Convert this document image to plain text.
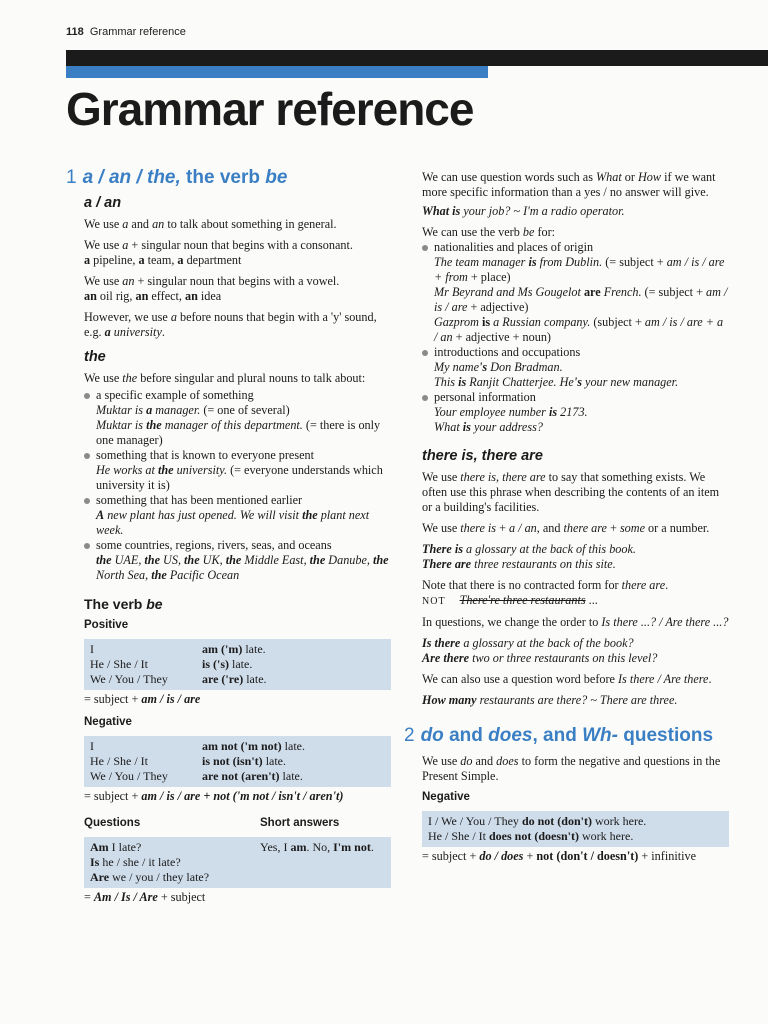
118 Grammar reference
Grammar reference
1 a / an / the, the verb be
a / an

We use a and an to talk about something in general.

We use a + singular noun that begins with a consonant.

a pipeline, a team, a department

We use an + singular noun that begins with a vowel.

an oil rig, an effect, an idea

However, we use a before nouns that begin with a 'y' sound, e.g. a university.

the

We use the before singular and plural nouns to talk about:

a specific example of something
Muktar is a manager. (= one of several)
Muktar is the manager of this department. (= there is only one manager)
something that is known to everyone present
He works at the university. (= everyone understands which university it is)
something that has been mentioned earlier
A new plant has just opened. We will visit the plant next week.
some countries, regions, rivers, seas, and oceans
the UAE, the US, the UK, the Middle East, the Danube, the North Sea, the Pacific Ocean
The verb be
Positive
I	am ('m) late.
He / She / It	is ('s) late.
We / You / They	are ('re) late.
= subject + am / is / are
Negative
I	am not ('m not) late.
He / She / It	is not (isn't) late.
We / You / They	are not (aren't) late.
= subject + am / is / are + not ('m not / isn't / aren't)
Questions	Short answers
Am I late?	Yes, I am. No, I'm not.
Is he / she / it late?
Are we / you / they late?
= Am / Is / Are + subject

We can use question words such as What or How if we want more specific information than a yes / no answer will give.

What is your job? ~ I'm a radio operator.

We can use the verb be for:

nationalities and places of origin
The team manager is from Dublin. (= subject + am / is / are + from + place)
Mr Beyrand and Ms Gougelot are French. (= subject + am / is / are + adjective)
Gazprom is a Russian company. (subject + am / is / are + a / an + adjective + noun)
introductions and occupations
My name's Don Bradman.
This is Ranjit Chatterjee. He's your new manager.
personal information
Your employee number is 2173.
What is your address?
there is, there are

We use there is, there are to say that something exists. We often use this phrase when describing the contents of an item or a building's facilities.

We use there is + a / an, and there are + some or a number.

There is a glossary at the back of this book.
There are three restaurants on this site.

Note that there is no contracted form for there are.
NOT There're three restaurants ...

In questions, we change the order to Is there ...? / Are there ...?

Is there a glossary at the back of the book?
Are there two or three restaurants on this level?

We can also use a question word before Is there / Are there.

How many restaurants are there? ~ There are three.

2 do and does, and Wh- questions

We use do and does to form the negative and questions in the Present Simple.

Negative
I / We / You / They do not (don't) work here.
He / She / It does not (doesn't) work here.
= subject + do / does + not (don't / doesn't) + infinitive
